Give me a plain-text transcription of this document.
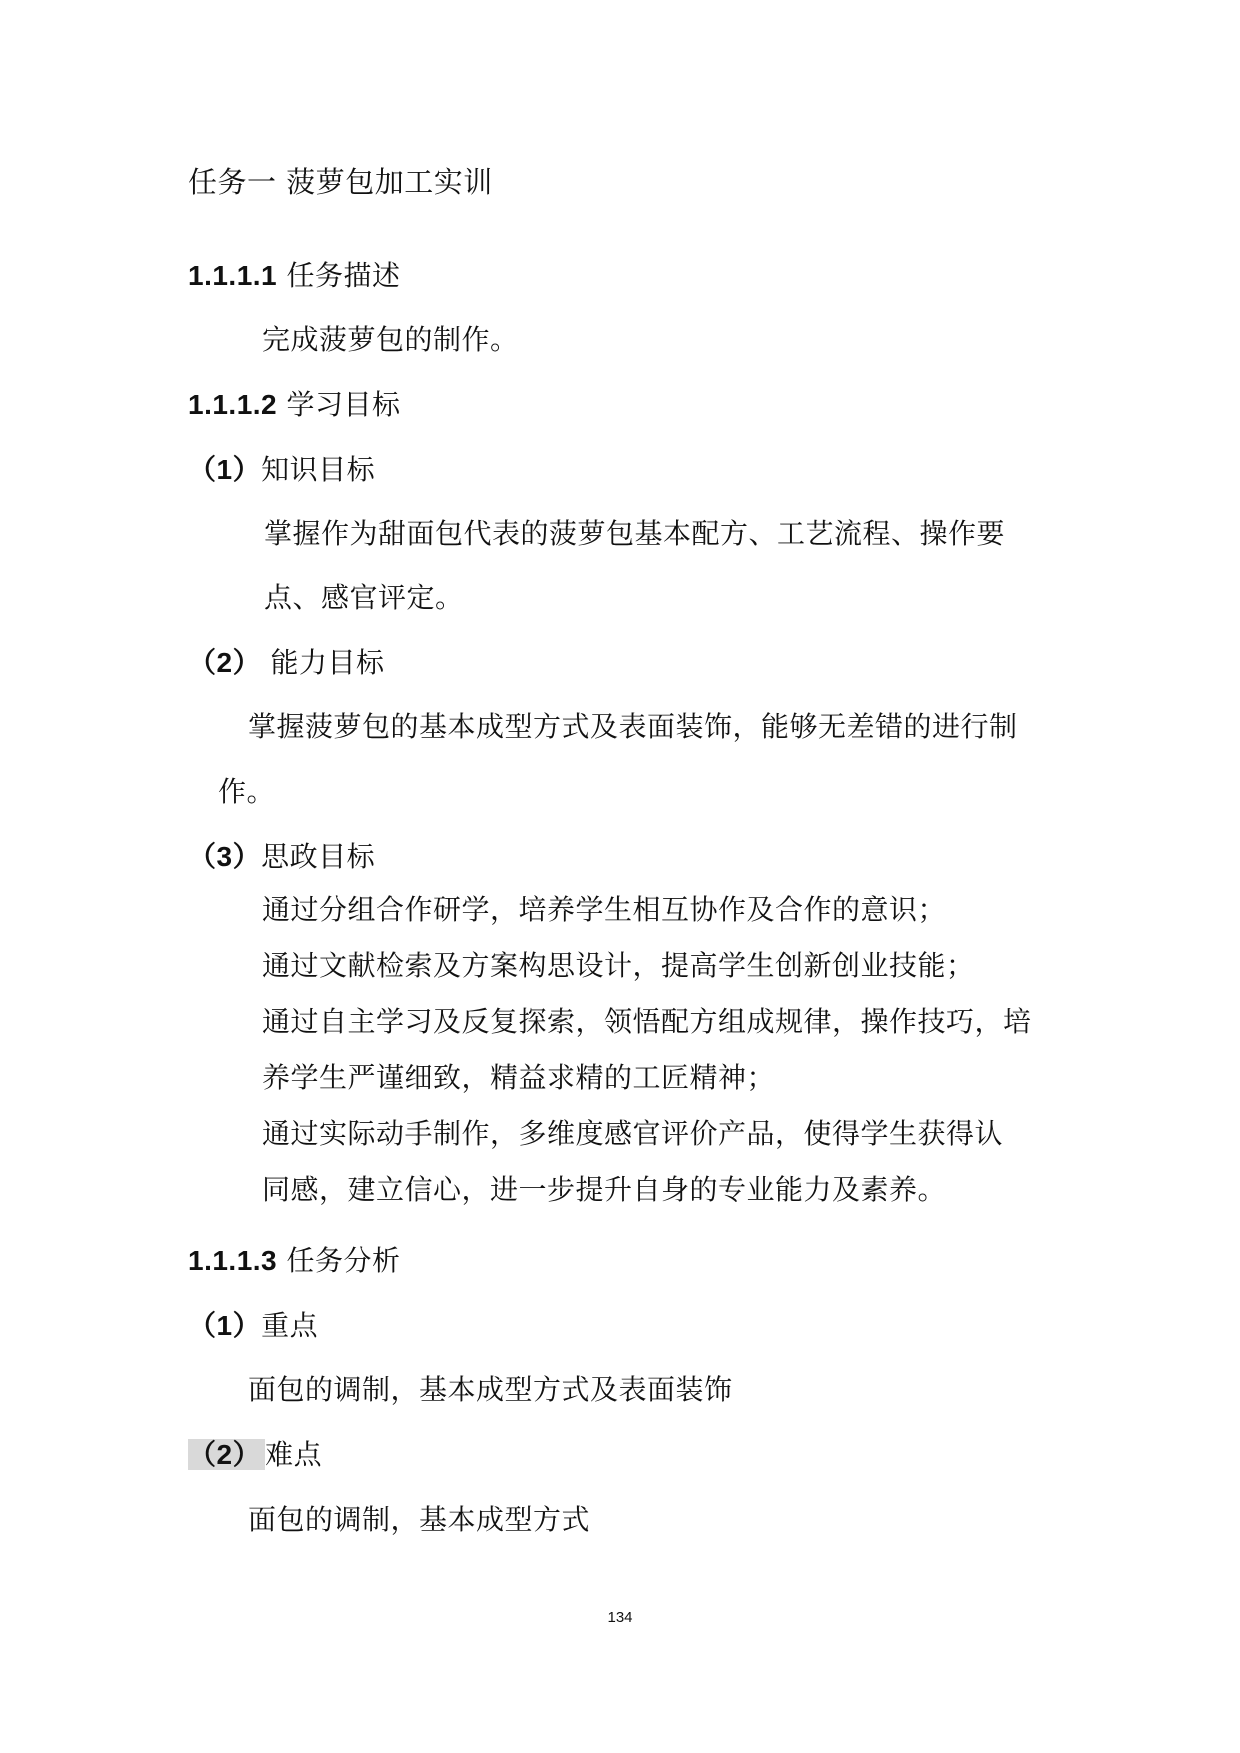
任务一 菠萝包加工实训
1.1.1.1 任务描述
完成菠萝包的制作。
1.1.1.2 学习目标
（1）知识目标
掌握作为甜面包代表的菠萝包基本配方、工艺流程、操作要
点、感官评定。
（2） 能力目标
掌握菠萝包的基本成型方式及表面装饰，能够无差错的进行制
作。
（3）思政目标
通过分组合作研学，培养学生相互协作及合作的意识；
通过文献检索及方案构思设计，提高学生创新创业技能；
通过自主学习及反复探索，领悟配方组成规律，操作技巧，培
养学生严谨细致，精益求精的工匠精神；
通过实际动手制作，多维度感官评价产品，使得学生获得认
同感，建立信心，进一步提升自身的专业能力及素养。
1.1.1.3 任务分析
（1）重点
面包的调制，基本成型方式及表面装饰
（2） 难点
面包的调制，基本成型方式
134
